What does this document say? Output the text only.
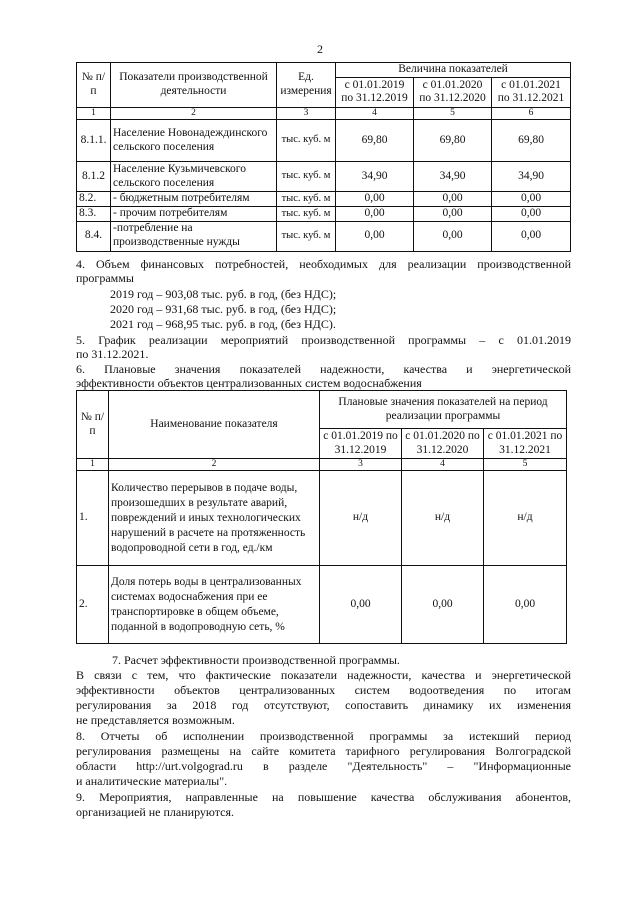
2
№ п/п	Показатели производственной деятельности	Ед. измерения	Величина показателей		
			с 01.01.2019 по 31.12.2019	с 01.01.2020 по 31.12.2020	с 01.01.2021 по 31.12.2021
1	2	3	4	5	6
8.1.1.	Население Новонадеждинского сельского поселения	тыс. куб. м	69,80	69,80	69,80
8.1.2	Население Кузьмичевского сельского поселения	тыс. куб. м	34,90	34,90	34,90
8.2.	- бюджетным потребителям	тыс. куб. м	0,00	0,00	0,00
8.3.	- прочим потребителям	тыс. куб. м	0,00	0,00	0,00
8.4.	-потребление на производственные нужды	тыс. куб. м	0,00	0,00	0,00
4. Объем финансовых потребностей, необходимых для реализации производственной
программы
2019 год – 903,08 тыс. руб. в год, (без НДС);
2020 год – 931,68 тыс. руб. в год, (без НДС);
2021 год – 968,95 тыс. руб. в год, (без НДС).
5. График реализации мероприятий производственной программы – с 01.01.2019
по 31.12.2021.
6. Плановые значения показателей надежности, качества и энергетической
эффективности объектов централизованных систем водоснабжения
№ п/п	Наименование показателя	Плановые значения показателей на период реализации программы		
		с 01.01.2019 по 31.12.2019	с 01.01.2020 по 31.12.2020	с 01.01.2021 по 31.12.2021
1	2	3	4	5
1.	Количество перерывов в подаче воды, произошедших в результате аварий, повреждений и иных технологических нарушений в расчете на протяженность водопроводной сети в год, ед./км	н/д	н/д	н/д
2.	Доля потерь воды в централизованных системах водоснабжения при ее транспортировке в общем объеме, поданной в водопроводную сеть, %	0,00	0,00	0,00
7. Расчет эффективности производственной программы.
В связи с тем, что фактические показатели надежности, качества и энергетической
эффективности объектов централизованных систем водоотведения по итогам
регулирования за 2018 год отсутствуют, сопоставить динамику их изменения
не представляется возможным.
8. Отчеты об исполнении производственной программы за истекший период
регулирования размещены на сайте комитета тарифного регулирования Волгоградской
области http://urt.volgograd.ru в разделе "Деятельность" – "Информационные
и аналитические материалы".
9. Мероприятия, направленные на повышение качества обслуживания абонентов,
организацией не планируются.
